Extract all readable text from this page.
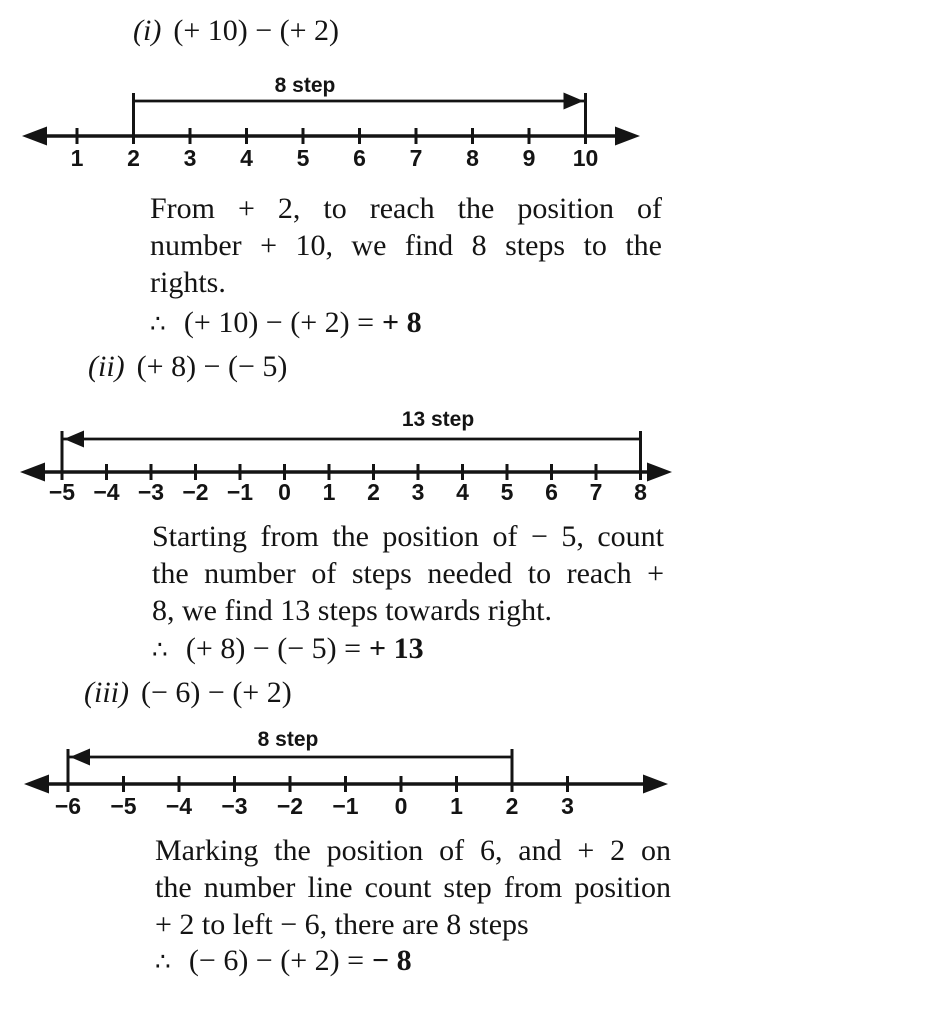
(i) (+ 10) − (+ 2)
1 2 3 4 5 6 7 8 9 10
8 step
From + 2, to reach the position of
number + 10, we find 8 steps to the
rights.
∴ (+ 10) − (+ 2) = + 8
(ii) (+ 8) − (− 5)
−5 −4 −3 −2 −1 0 1 2 3 4 5 6 7 8
13 step
Starting from the position of − 5, count
the number of steps needed to reach +
8, we find 13 steps towards right.
∴ (+ 8) − (− 5) = + 13
(iii) (− 6) − (+ 2)
−6 −5 −4 −3 −2 −1 0 1 2 3
8 step
Marking the position of 6, and + 2 on
the number line count step from position
+ 2 to left − 6, there are 8 steps
∴ (− 6) − (+ 2) = − 8
